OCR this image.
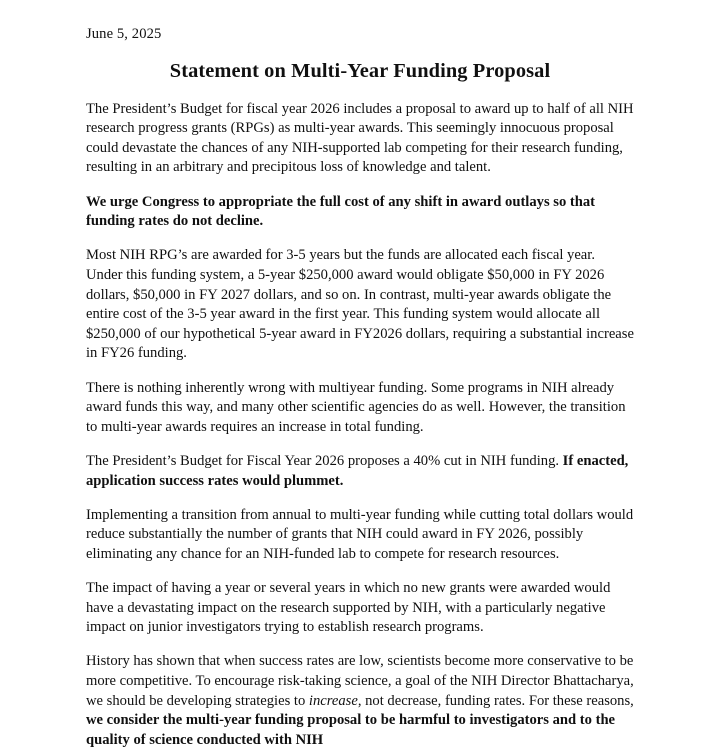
June 5, 2025

Statement on Multi-Year Funding Proposal

The President’s Budget for fiscal year 2026 includes a proposal to award up to half of all NIH research progress grants (RPGs) as multi-year awards. This seemingly innocuous proposal could devastate the chances of any NIH-supported lab competing for their research funding, resulting in an arbitrary and precipitous loss of knowledge and talent.

We urge Congress to appropriate the full cost of any shift in award outlays so that funding rates do not decline.

Most NIH RPG’s are awarded for 3-5 years but the funds are allocated each fiscal year. Under this funding system, a 5-year $250,000 award would obligate $50,000 in FY 2026 dollars, $50,000 in FY 2027 dollars, and so on. In contrast, multi-year awards obligate the entire cost of the 3-5 year award in the first year. This funding system would allocate all $250,000 of our hypothetical 5-year award in FY2026 dollars, requiring a substantial increase in FY26 funding.

There is nothing inherently wrong with multiyear funding. Some programs in NIH already award funds this way, and many other scientific agencies do as well. However, the transition to multi-year awards requires an increase in total funding.

The President’s Budget for Fiscal Year 2026 proposes a 40% cut in NIH funding. If enacted, application success rates would plummet.

Implementing a transition from annual to multi-year funding while cutting total dollars would reduce substantially the number of grants that NIH could award in FY 2026, possibly eliminating any chance for an NIH-funded lab to compete for research resources.

The impact of having a year or several years in which no new grants were awarded would have a devastating impact on the research supported by NIH, with a particularly negative impact on junior investigators trying to establish research programs.

History has shown that when success rates are low, scientists become more conservative to be more competitive. To encourage risk-taking science, a goal of the NIH Director Bhattacharya, we should be developing strategies to increase, not decrease, funding rates. For these reasons, we consider the multi-year funding proposal to be harmful to investigators and to the quality of science conducted with NIH
